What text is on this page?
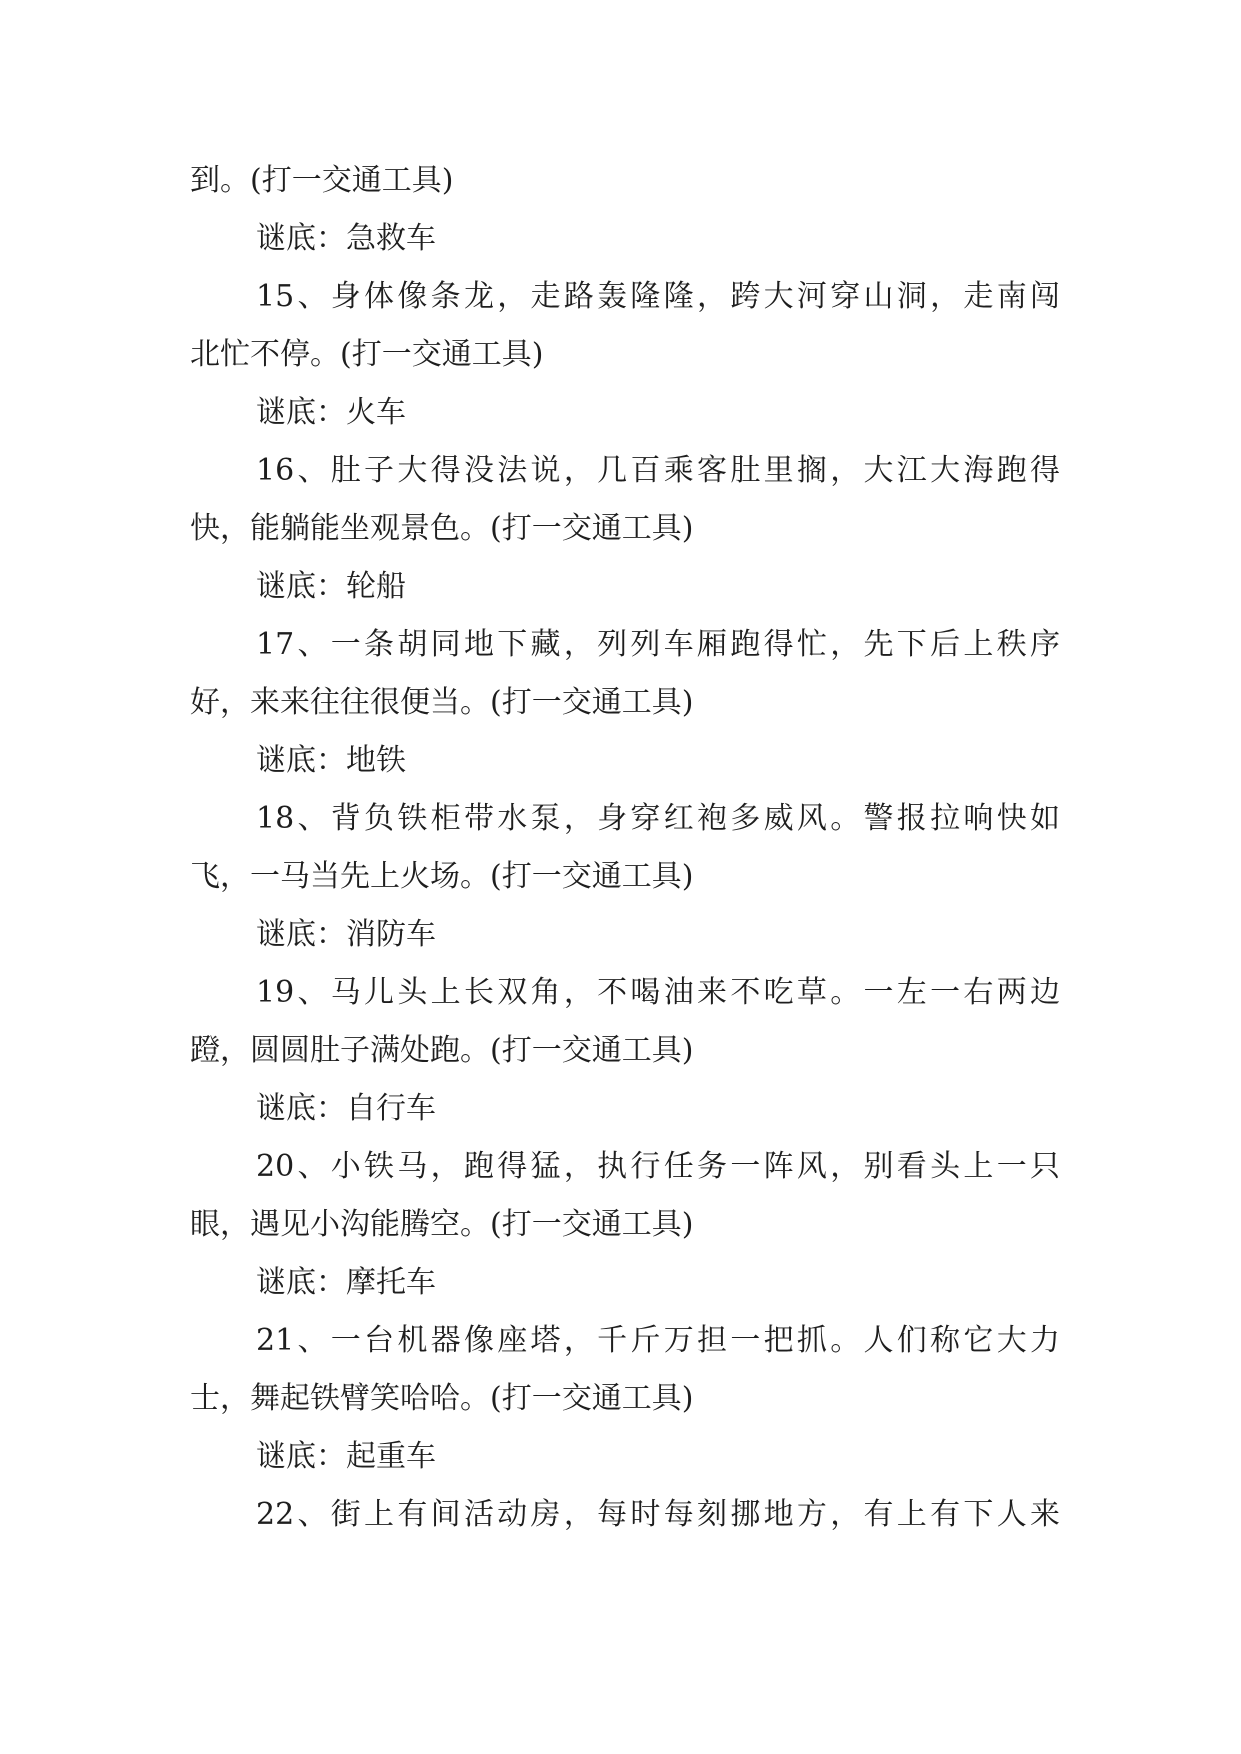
到。(打一交通工具)
谜底：急救车
15、身体像条龙，走路轰隆隆，跨大河穿山洞，走南闯
北忙不停。(打一交通工具)
谜底：火车
16、肚子大得没法说，几百乘客肚里搁，大江大海跑得
快，能躺能坐观景色。(打一交通工具)
谜底：轮船
17、一条胡同地下藏，列列车厢跑得忙，先下后上秩序
好，来来往往很便当。(打一交通工具)
谜底：地铁
18、背负铁柜带水泵，身穿红袍多威风。警报拉响快如
飞，一马当先上火场。(打一交通工具)
谜底：消防车
19、马儿头上长双角，不喝油来不吃草。一左一右两边
蹬，圆圆肚子满处跑。(打一交通工具)
谜底：自行车
20、小铁马，跑得猛，执行任务一阵风，别看头上一只
眼，遇见小沟能腾空。(打一交通工具)
谜底：摩托车
21、一台机器像座塔，千斤万担一把抓。人们称它大力
士，舞起铁臂笑哈哈。(打一交通工具)
谜底：起重车
22、街上有间活动房，每时每刻挪地方，有上有下人来
